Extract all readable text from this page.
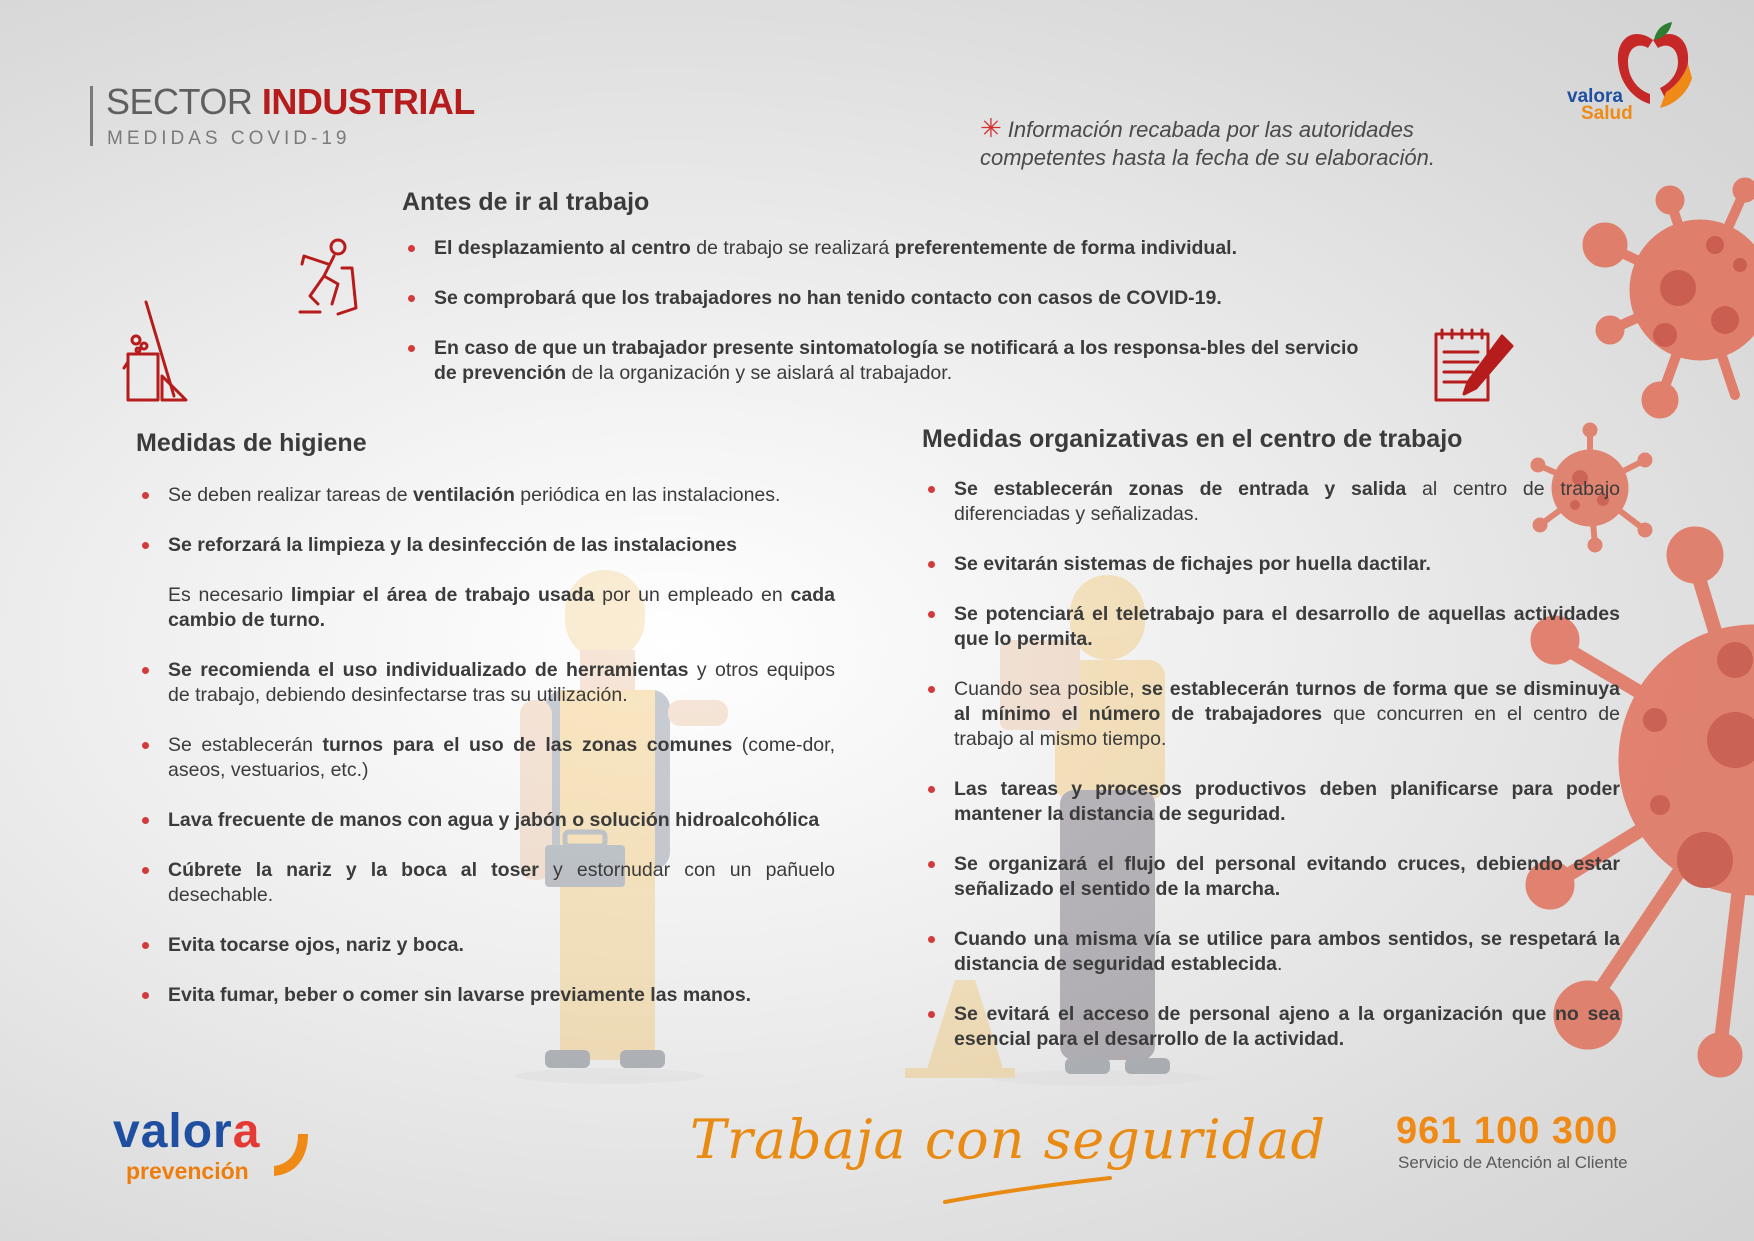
SECTOR INDUSTRIAL
MEDIDAS COVID-19	✳ Información recabada por las autoridades
competentes hasta la fecha de su elaboración.
valora
Salud
Antes de ir al trabajo
El desplazamiento al centro de trabajo se realizará preferentemente de forma individual.
Se comprobará que los trabajadores no han tenido contacto con casos de COVID-19.
En caso de que un trabajador presente sintomatología se notificará a los responsa-bles del servicio de prevención de la organización y se aislará al trabajador.
Medidas de higiene
Se deben realizar tareas de ventilación periódica en las instalaciones.
Se reforzará la limpieza y la desinfección de las instalaciones
Es necesario limpiar el área de trabajo usada por un empleado en cada cambio de turno.
Se recomienda el uso individualizado de herramientas y otros equipos de trabajo, debiendo desinfectarse tras su utilización.
Se establecerán turnos para el uso de las zonas comunes (come-dor, aseos, vestuarios, etc.)
Lava frecuente de manos con agua y jabón o solución hidroalcohólica
Cúbrete la nariz y la boca al toser y estornudar con un pañuelo desechable.
Evita tocarse ojos, nariz y boca.
Evita fumar, beber o comer sin lavarse previamente las manos.
Medidas organizativas en el centro de trabajo
Se establecerán zonas de entrada y salida al centro de trabajo diferenciadas y señalizadas.
Se evitarán sistemas de fichajes por huella dactilar.
Se potenciará el teletrabajo para el desarrollo de aquellas actividades que lo permita.
Cuando sea posible, se establecerán turnos de forma que se disminuya al mínimo el número de trabajadores que concurren en el centro de trabajo al mismo tiempo.
Las tareas y procesos productivos deben planificarse para poder mantener la distancia de seguridad.
Se organizará el flujo del personal evitando cruces, debiendo estar señalizado el sentido de la marcha.
Cuando una misma vía se utilice para ambos sentidos, se respetará la distancia de seguridad establecida.
Se evitará el acceso de personal ajeno a la organización que no sea esencial para el desarrollo de la actividad.
valora
prevención	Trabaja con seguridad 961 100 300
Servicio de Atención al Cliente
